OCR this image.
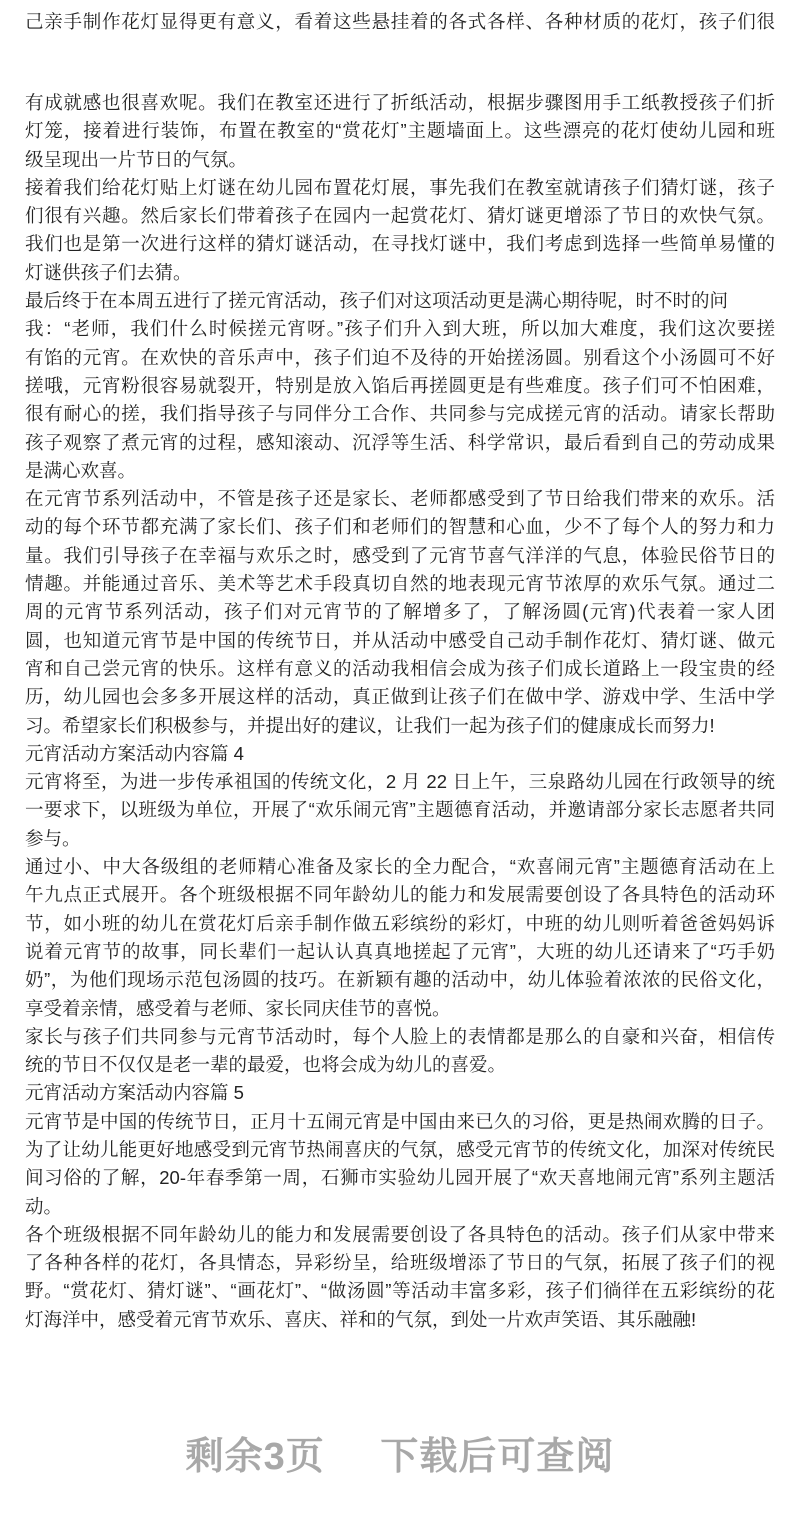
己亲手制作花灯显得更有意义，看着这些悬挂着的各式各样、各种材质的花灯，孩子们很
有成就感也很喜欢呢。我们在教室还进行了折纸活动，根据步骤图用手工纸教授孩子们折
灯笼，接着进行装饰，布置在教室的“赏花灯”主题墙面上。这些漂亮的花灯使幼儿园和班
级呈现出一片节日的气氛。
接着我们给花灯贴上灯谜在幼儿园布置花灯展，事先我们在教室就请孩子们猜灯谜，孩子
们很有兴趣。然后家长们带着孩子在园内一起赏花灯、猜灯谜更增添了节日的欢快气氛。
我们也是第一次进行这样的猜灯谜活动，在寻找灯谜中，我们考虑到选择一些简单易懂的
灯谜供孩子们去猜。
最后终于在本周五进行了搓元宵活动，孩子们对这项活动更是满心期待呢，时不时的问
我：“老师，我们什么时候搓元宵呀。”孩子们升入到大班，所以加大难度，我们这次要搓
有馅的元宵。在欢快的音乐声中，孩子们迫不及待的开始搓汤圆。别看这个小汤圆可不好
搓哦，元宵粉很容易就裂开，特别是放入馅后再搓圆更是有些难度。孩子们可不怕困难，
很有耐心的搓，我们指导孩子与同伴分工合作、共同参与完成搓元宵的活动。请家长帮助
孩子观察了煮元宵的过程，感知滚动、沉浮等生活、科学常识，最后看到自己的劳动成果
是满心欢喜。
在元宵节系列活动中，不管是孩子还是家长、老师都感受到了节日给我们带来的欢乐。活
动的每个环节都充满了家长们、孩子们和老师们的智慧和心血，少不了每个人的努力和力
量。我们引导孩子在幸福与欢乐之时，感受到了元宵节喜气洋洋的气息，体验民俗节日的
情趣。并能通过音乐、美术等艺术手段真切自然的地表现元宵节浓厚的欢乐气氛。通过二
周的元宵节系列活动，孩子们对元宵节的了解增多了，了解汤圆(元宵)代表着一家人团
圆，也知道元宵节是中国的传统节日，并从活动中感受自己动手制作花灯、猜灯谜、做元
宵和自己尝元宵的快乐。这样有意义的活动我相信会成为孩子们成长道路上一段宝贵的经
历，幼儿园也会多多开展这样的活动，真正做到让孩子们在做中学、游戏中学、生活中学
习。希望家长们积极参与，并提出好的建议，让我们一起为孩子们的健康成长而努力!
元宵活动方案活动内容篇 4
元宵将至，为进一步传承祖国的传统文化，2 月 22 日上午，三泉路幼儿园在行政领导的统
一要求下，以班级为单位，开展了“欢乐闹元宵”主题德育活动，并邀请部分家长志愿者共同
参与。
通过小、中大各级组的老师精心准备及家长的全力配合，“欢喜闹元宵”主题德育活动在上
午九点正式展开。各个班级根据不同年龄幼儿的能力和发展需要创设了各具特色的活动环
节，如小班的幼儿在赏花灯后亲手制作做五彩缤纷的彩灯，中班的幼儿则听着爸爸妈妈诉
说着元宵节的故事，同长辈们一起认认真真地搓起了元宵”，大班的幼儿还请来了“巧手奶
奶”，为他们现场示范包汤圆的技巧。在新颖有趣的活动中，幼儿体验着浓浓的民俗文化，
享受着亲情，感受着与老师、家长同庆佳节的喜悦。
家长与孩子们共同参与元宵节活动时，每个人脸上的表情都是那么的自豪和兴奋，相信传
统的节日不仅仅是老一辈的最爱，也将会成为幼儿的喜爱。
元宵活动方案活动内容篇 5
元宵节是中国的传统节日，正月十五闹元宵是中国由来已久的习俗，更是热闹欢腾的日子。
为了让幼儿能更好地感受到元宵节热闹喜庆的气氛，感受元宵节的传统文化，加深对传统民
间习俗的了解，20-年春季第一周，石狮市实验幼儿园开展了“欢天喜地闹元宵”系列主题活
动。
各个班级根据不同年龄幼儿的能力和发展需要创设了各具特色的活动。孩子们从家中带来
了各种各样的花灯，各具情态，异彩纷呈，给班级增添了节日的气氛，拓展了孩子们的视
野。“赏花灯、猜灯谜”、“画花灯”、“做汤圆”等活动丰富多彩，孩子们徜徉在五彩缤纷的花
灯海洋中，感受着元宵节欢乐、喜庆、祥和的气氛，到处一片欢声笑语、其乐融融!
剩余3页 下载后可查阅
